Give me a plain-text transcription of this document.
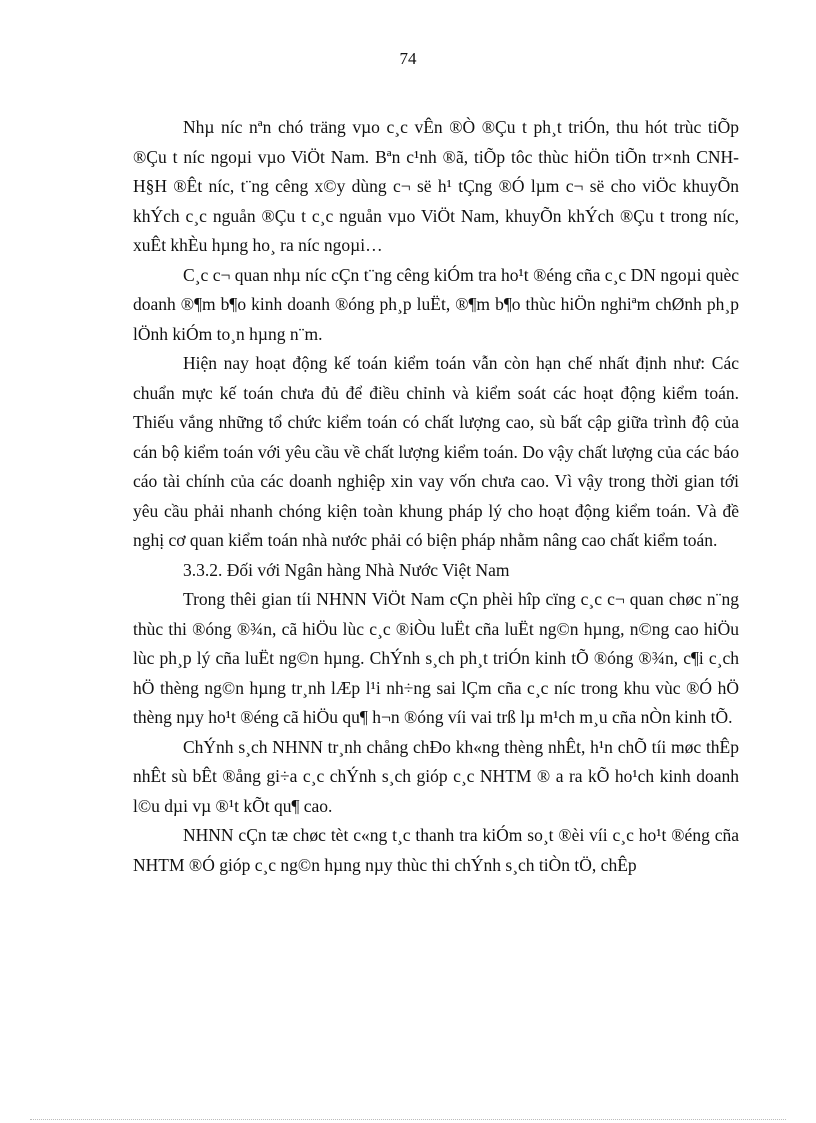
74

Nhµ níc nªn chó träng vµo c¸c vÊn ®Ò ®Çu t ph¸t triÓn, thu hót trùc tiÕp ®Çu t níc ngoµi vµo ViÖt Nam. Bªn c¹nh ®ã, tiÕp tôc thùc hiÖn tiÕn tr×nh CNH- H§H ®Êt níc, t¨ng cêng x©y dùng c¬ së h¹ tÇng ®Ó lµm c¬ së cho viÖc khuyÕn khÝch c¸c nguån ®Çu t c¸c nguån vµo ViÖt Nam, khuyÕn khÝch ®Çu t trong níc, xuÊt khÈu hµng ho¸ ra níc ngoµi…

C¸c c¬ quan nhµ níc cÇn t¨ng cêng kiÓm tra ho¹t ®éng cña c¸c DN ngoµi quèc doanh ®¶m b¶o kinh doanh ®óng ph¸p luËt, ®¶m b¶o thùc hiÖn nghiªm chØnh ph¸p lÖnh kiÓm to¸n hµng n¨m.

Hiện nay hoạt động kế toán kiểm toán vẫn còn hạn chế nhất định như: Các chuẩn mực kế toán chưa đủ để điều chỉnh và kiểm soát các hoạt động kiểm toán. Thiếu vắng những tổ chức kiểm toán có chất lượng cao, sù bất cập giữa trình độ của cán bộ kiểm toán với yêu cầu về chất lượng kiểm toán. Do vậy chất lượng của các báo cáo tài chính của các doanh nghiệp xin vay vốn chưa cao. Vì vậy trong thời gian tới yêu cầu phải nhanh chóng kiện toàn khung pháp lý cho hoạt động kiểm toán. Và đề nghị cơ quan kiểm toán nhà nước phải có biện pháp nhằm nâng cao chất kiểm toán.

3.3.2. Đối với Ngân hàng Nhà Nước Việt Nam

Trong thêi gian tíi NHNN ViÖt Nam cÇn phèi hîp cïng c¸c c¬ quan chøc n¨ng thùc thi ®óng ®¾n, cã hiÖu lùc c¸c ®iÒu luËt cña luËt ng©n hµng, n©ng cao hiÖu lùc ph¸p lý cña luËt ng©n hµng. ChÝnh s¸ch ph¸t triÓn kinh tÕ ®óng ®¾n, c¶i c¸ch hÖ thèng ng©n hµng tr¸nh lÆp l¹i nh÷ng sai lÇm cña c¸c níc trong khu vùc ®Ó hÖ thèng nµy ho¹t ®éng cã hiÖu qu¶ h¬n ®óng víi vai trß lµ m¹ch m¸u cña nÒn kinh tÕ.

ChÝnh s¸ch NHNN tr¸nh chång chÐo kh«ng thèng nhÊt, h¹n chÕ tíi møc thÊp nhÊt sù bÊt ®ång gi÷a c¸c chÝnh s¸ch gióp c¸c NHTM ® a ra kÕ ho¹ch kinh doanh l©u dµi vµ ®¹t kÕt qu¶ cao.

NHNN cÇn tæ chøc tèt c«ng t¸c thanh tra kiÓm so¸t ®èi víi c¸c ho¹t ®éng cña NHTM ®Ó gióp c¸c ng©n hµng nµy thùc thi chÝnh s¸ch tiÒn tÖ, chÊp
